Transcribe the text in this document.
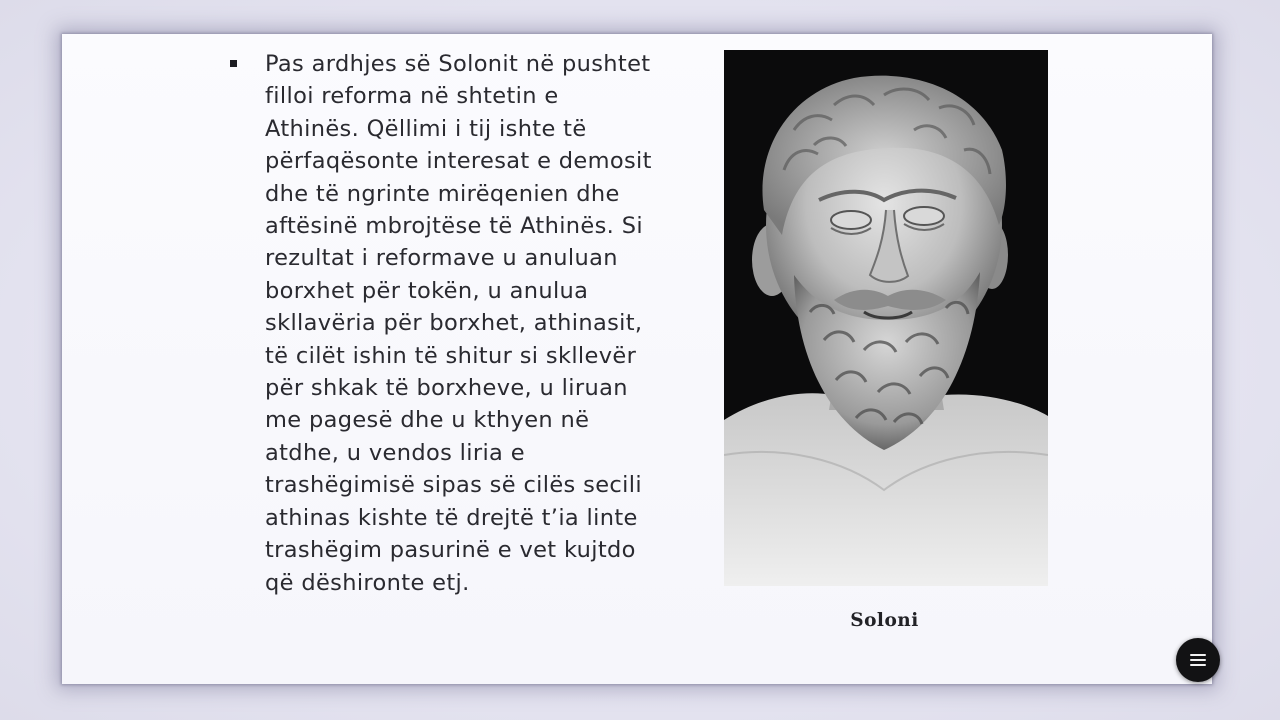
Pas ardhjes së Solonit në pushtet
filloi reforma në shtetin e
Athinës. Qëllimi i tij ishte të
përfaqësonte interesat e demosit
dhe të ngrinte mirëqenien dhe
aftësinë mbrojtëse të Athinës. Si
rezultat i reformave u anuluan
borxhet për tokën, u anulua
skllavëria për borxhet, athinasit,
të cilët ishin të shitur si skllevër
për shkak të borxheve, u liruan
me pagesë dhe u kthyen në
atdhe, u vendos liria e
trashëgimisë sipas së cilës secili
athinas kishte të drejtë t’ia linte
trashëgim pasurinë e vet kujtdo
që dëshironte etj.

Soloni
